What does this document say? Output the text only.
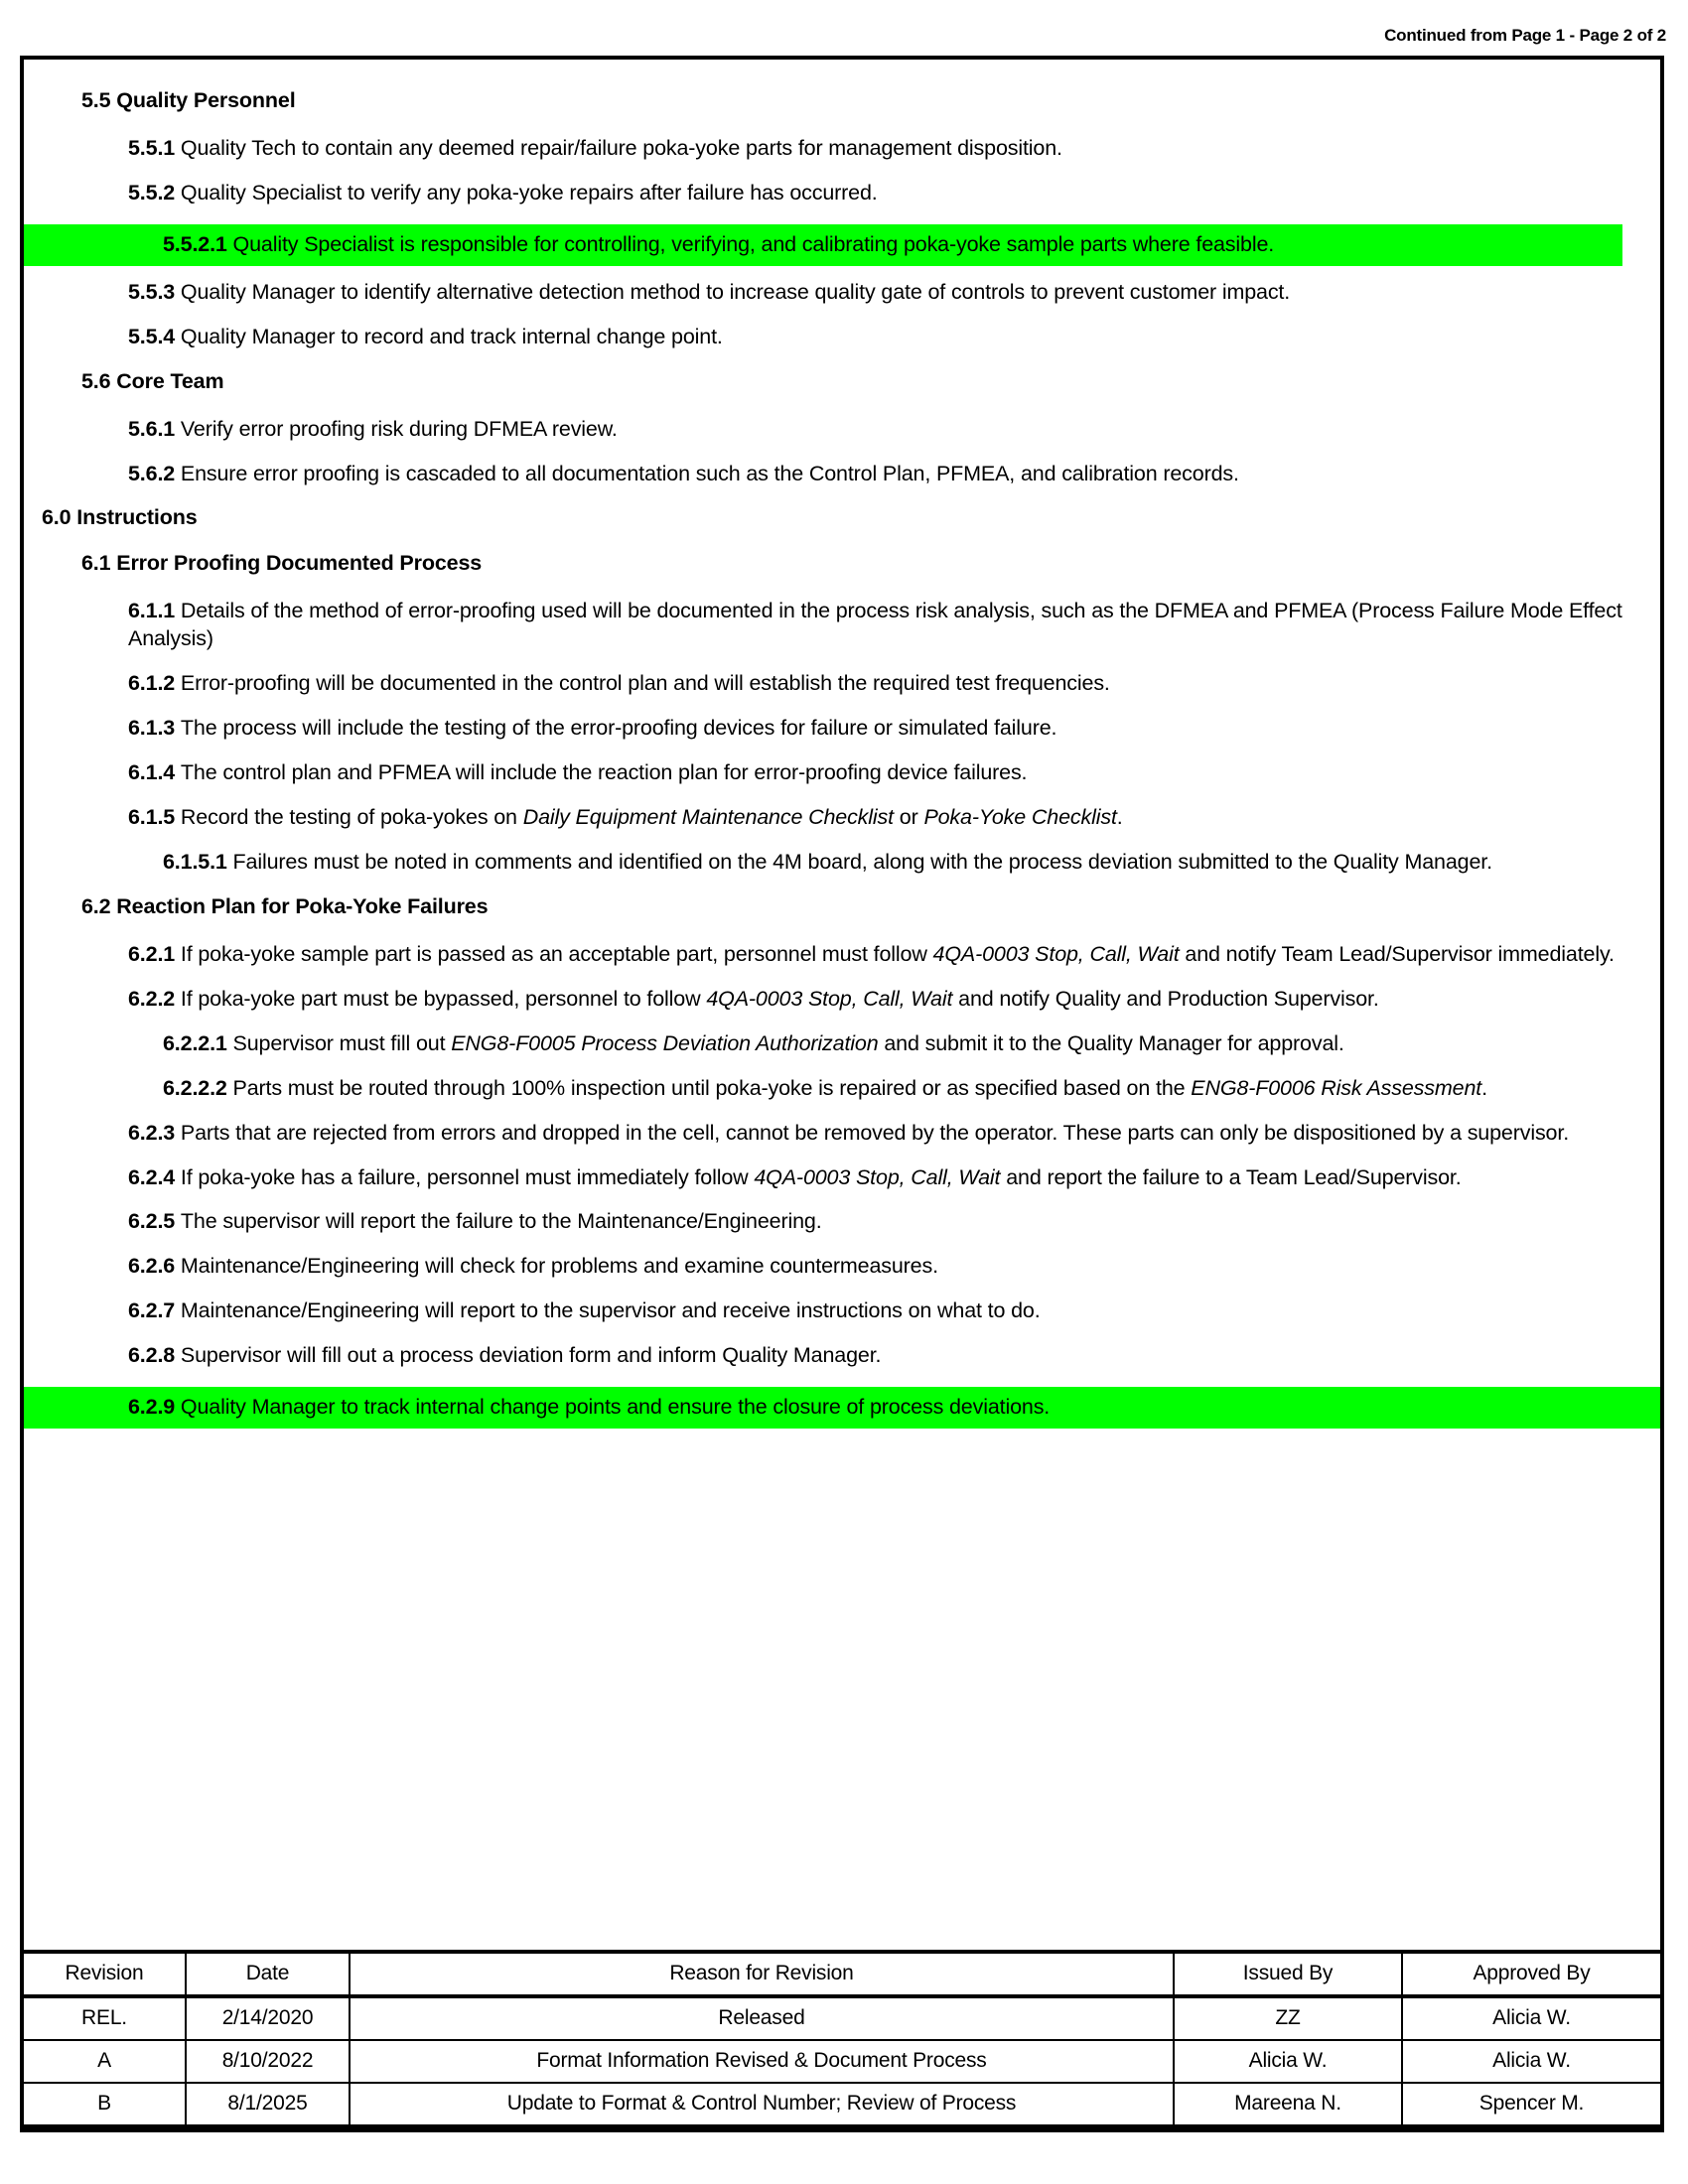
Continued from Page 1 - Page 2 of 2

5.5 Quality Personnel

5.5.1 Quality Tech to contain any deemed repair/failure poka-yoke parts for management disposition.

5.5.2 Quality Specialist to verify any poka-yoke repairs after failure has occurred.

5.5.2.1 Quality Specialist is responsible for controlling, verifying, and calibrating poka-yoke sample parts where feasible.

5.5.3 Quality Manager to identify alternative detection method to increase quality gate of controls to prevent customer impact.

5.5.4 Quality Manager to record and track internal change point.

5.6 Core Team

5.6.1 Verify error proofing risk during DFMEA review.

5.6.2 Ensure error proofing is cascaded to all documentation such as the Control Plan, PFMEA, and calibration records.

6.0 Instructions

6.1 Error Proofing Documented Process

6.1.1 Details of the method of error-proofing used will be documented in the process risk analysis, such as the DFMEA and PFMEA (Process Failure Mode Effect Analysis)

6.1.2 Error-proofing will be documented in the control plan and will establish the required test frequencies.

6.1.3 The process will include the testing of the error-proofing devices for failure or simulated failure.

6.1.4 The control plan and PFMEA will include the reaction plan for error-proofing device failures.

6.1.5 Record the testing of poka-yokes on Daily Equipment Maintenance Checklist or Poka-Yoke Checklist.

6.1.5.1 Failures must be noted in comments and identified on the 4M board, along with the process deviation submitted to the Quality Manager.

6.2 Reaction Plan for Poka-Yoke Failures

6.2.1 If poka-yoke sample part is passed as an acceptable part, personnel must follow 4QA-0003 Stop, Call, Wait and notify Team Lead/Supervisor immediately.

6.2.2 If poka-yoke part must be bypassed, personnel to follow 4QA-0003 Stop, Call, Wait and notify Quality and Production Supervisor.

6.2.2.1 Supervisor must fill out ENG8-F0005 Process Deviation Authorization and submit it to the Quality Manager for approval.

6.2.2.2 Parts must be routed through 100% inspection until poka-yoke is repaired or as specified based on the ENG8-F0006 Risk Assessment.

6.2.3 Parts that are rejected from errors and dropped in the cell, cannot be removed by the operator. These parts can only be dispositioned by a supervisor.

6.2.4 If poka-yoke has a failure, personnel must immediately follow 4QA-0003 Stop, Call, Wait and report the failure to a Team Lead/Supervisor.

6.2.5 The supervisor will report the failure to the Maintenance/Engineering.

6.2.6 Maintenance/Engineering will check for problems and examine countermeasures.

6.2.7 Maintenance/Engineering will report to the supervisor and receive instructions on what to do.

6.2.8 Supervisor will fill out a process deviation form and inform Quality Manager.

6.2.9 Quality Manager to track internal change points and ensure the closure of process deviations.

Revision	Date	Reason for Revision	Issued By	Approved By
REL.	2/14/2020	Released	ZZ	Alicia W.
A	8/10/2022	Format Information Revised & Document Process	Alicia W.	Alicia W.
B	8/1/2025	Update to Format & Control Number; Review of Process	Mareena N.	Spencer M.
